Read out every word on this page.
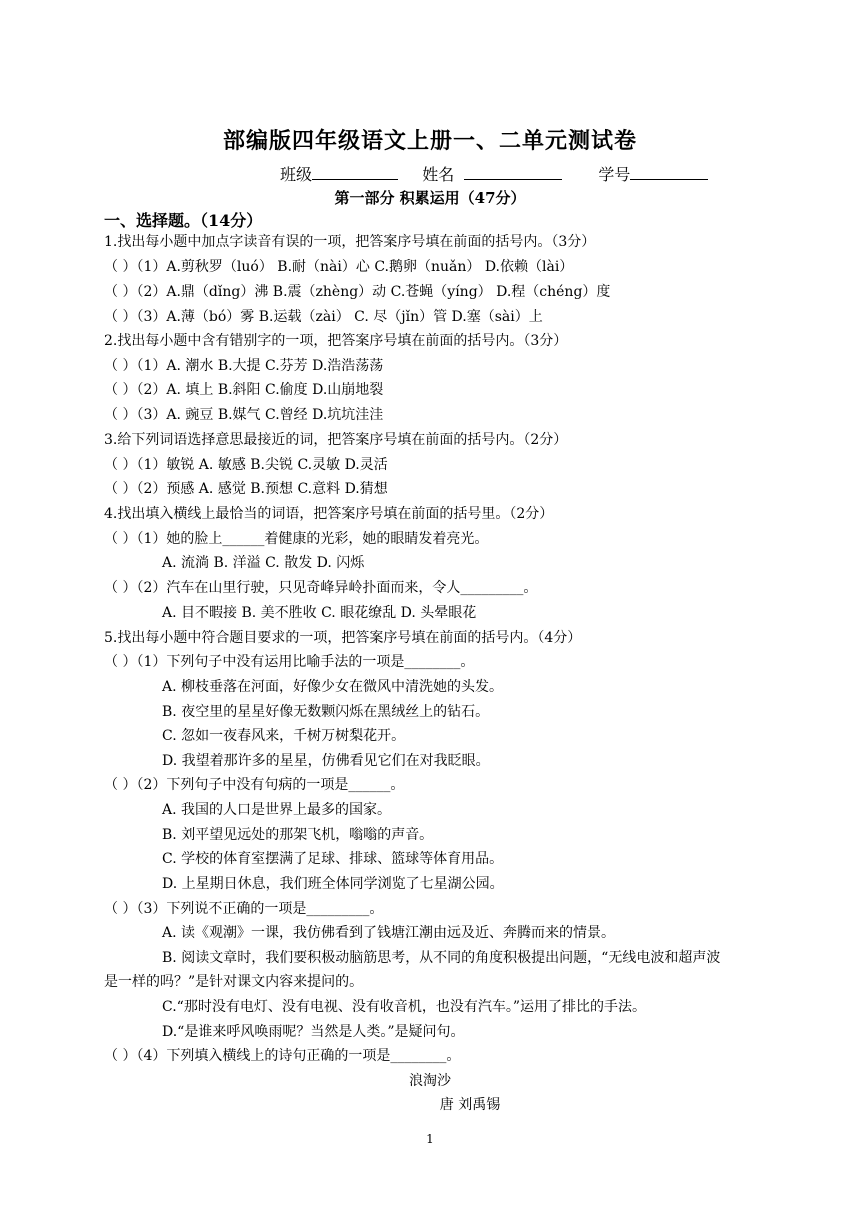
部编版四年级语文上册一、二单元测试卷
班级	姓名	学号
第一部分 积累运用（47分）
一、选择题。（14分）
1.找出每小题中加点字读音有误的一项，把答案序号填在前面的括号内。（3分）
（ ）（1）A.剪秋罗（luó） B.耐（nài）心 C.鹅卵（nuǎn） D.依赖（lài）
（ ）（2）A.鼎（dǐng）沸 B.震（zhèng）动 C.苍蝇（yíng） D.程（chéng）度
（ ）（3）A.薄（bó）雾 B.运载（zài） C. 尽（jǐn）管 D.塞（sài）上
2.找出每小题中含有错别字的一项，把答案序号填在前面的括号内。（3分）
（ ）（1）A. 潮水 B.大提 C.芬芳 D.浩浩荡荡
（ ）（2）A. 填上 B.斜阳 C.偷度 D.山崩地裂
（ ）（3）A. 豌豆 B.媒气 C.曾经 D.坑坑洼洼
3.给下列词语选择意思最接近的词，把答案序号填在前面的括号内。（2分）
（ ）（1）敏锐 A. 敏感 B.尖锐 C.灵敏 D.灵活
（ ）（2）预感 A. 感觉 B.预想 C.意料 D.猜想
4.找出填入横线上最恰当的词语，把答案序号填在前面的括号里。（2分）
（ ）（1）她的脸上______着健康的光彩，她的眼睛发着亮光。
A. 流淌 B. 洋溢 C. 散发 D. 闪烁
（ ）（2）汽车在山里行驶，只见奇峰异岭扑面而来，令人_________。
A. 目不暇接 B. 美不胜收 C. 眼花缭乱 D. 头晕眼花
5.找出每小题中符合题目要求的一项，把答案序号填在前面的括号内。（4分）
（ ）（1）下列句子中没有运用比喻手法的一项是________。
A. 柳枝垂落在河面，好像少女在微风中清洗她的头发。
B. 夜空里的星星好像无数颗闪烁在黑绒丝上的钻石。
C. 忽如一夜春风来，千树万树梨花开。
D. 我望着那许多的星星，仿佛看见它们在对我眨眼。
（ ）（2）下列句子中没有句病的一项是______。
A. 我国的人口是世界上最多的国家。
B. 刘平望见远处的那架飞机，嗡嗡的声音。
C. 学校的体育室摆满了足球、排球、篮球等体育用品。
D. 上星期日休息，我们班全体同学浏览了七星湖公园。
（ ）（3）下列说不正确的一项是_________。
A. 读《观潮》一课，我仿佛看到了钱塘江潮由远及近、奔腾而来的情景。
B. 阅读文章时，我们要积极动脑筋思考，从不同的角度积极提出问题，“无线电波和超声波
是一样的吗？”是针对课文内容来提问的。
C.“那时没有电灯、没有电视、没有收音机，也没有汽车。”运用了排比的手法。
D.“是谁来呼风唤雨呢？当然是人类。”是疑问句。
（ ）（4）下列填入横线上的诗句正确的一项是________。
浪淘沙
唐 刘禹锡
1
